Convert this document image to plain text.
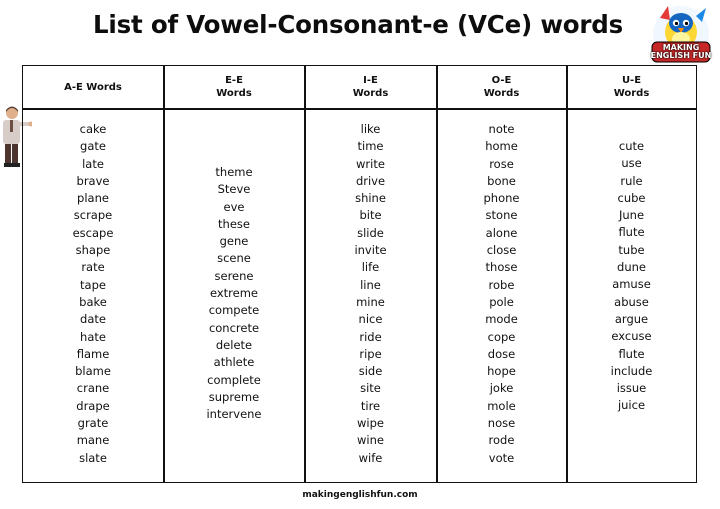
List of Vowel-Consonant-e (VCe) words
MAKING
ENGLISH FUN
A-E Words
E-E
Words
I-E
Words
O-E
Words
U-E
Words
cake
gate
late
brave
plane
scrape
escape
shape
rate
tape
bake
date
hate
flame
blame
crane
drape
grate
mane
slate
theme
Steve
eve
these
gene
scene
serene
extreme
compete
concrete
delete
athlete
complete
supreme
intervene
like
time
write
drive
shine
bite
slide
invite
life
line
mine
nice
ride
ripe
side
site
tire
wipe
wine
wife
note
home
rose
bone
phone
stone
alone
close
those
robe
pole
mode
cope
dose
hope
joke
mole
nose
rode
vote
cute
use
rule
cube
June
flute
tube
dune
amuse
abuse
argue
excuse
flute
include
issue
juice
makingenglishfun.com
